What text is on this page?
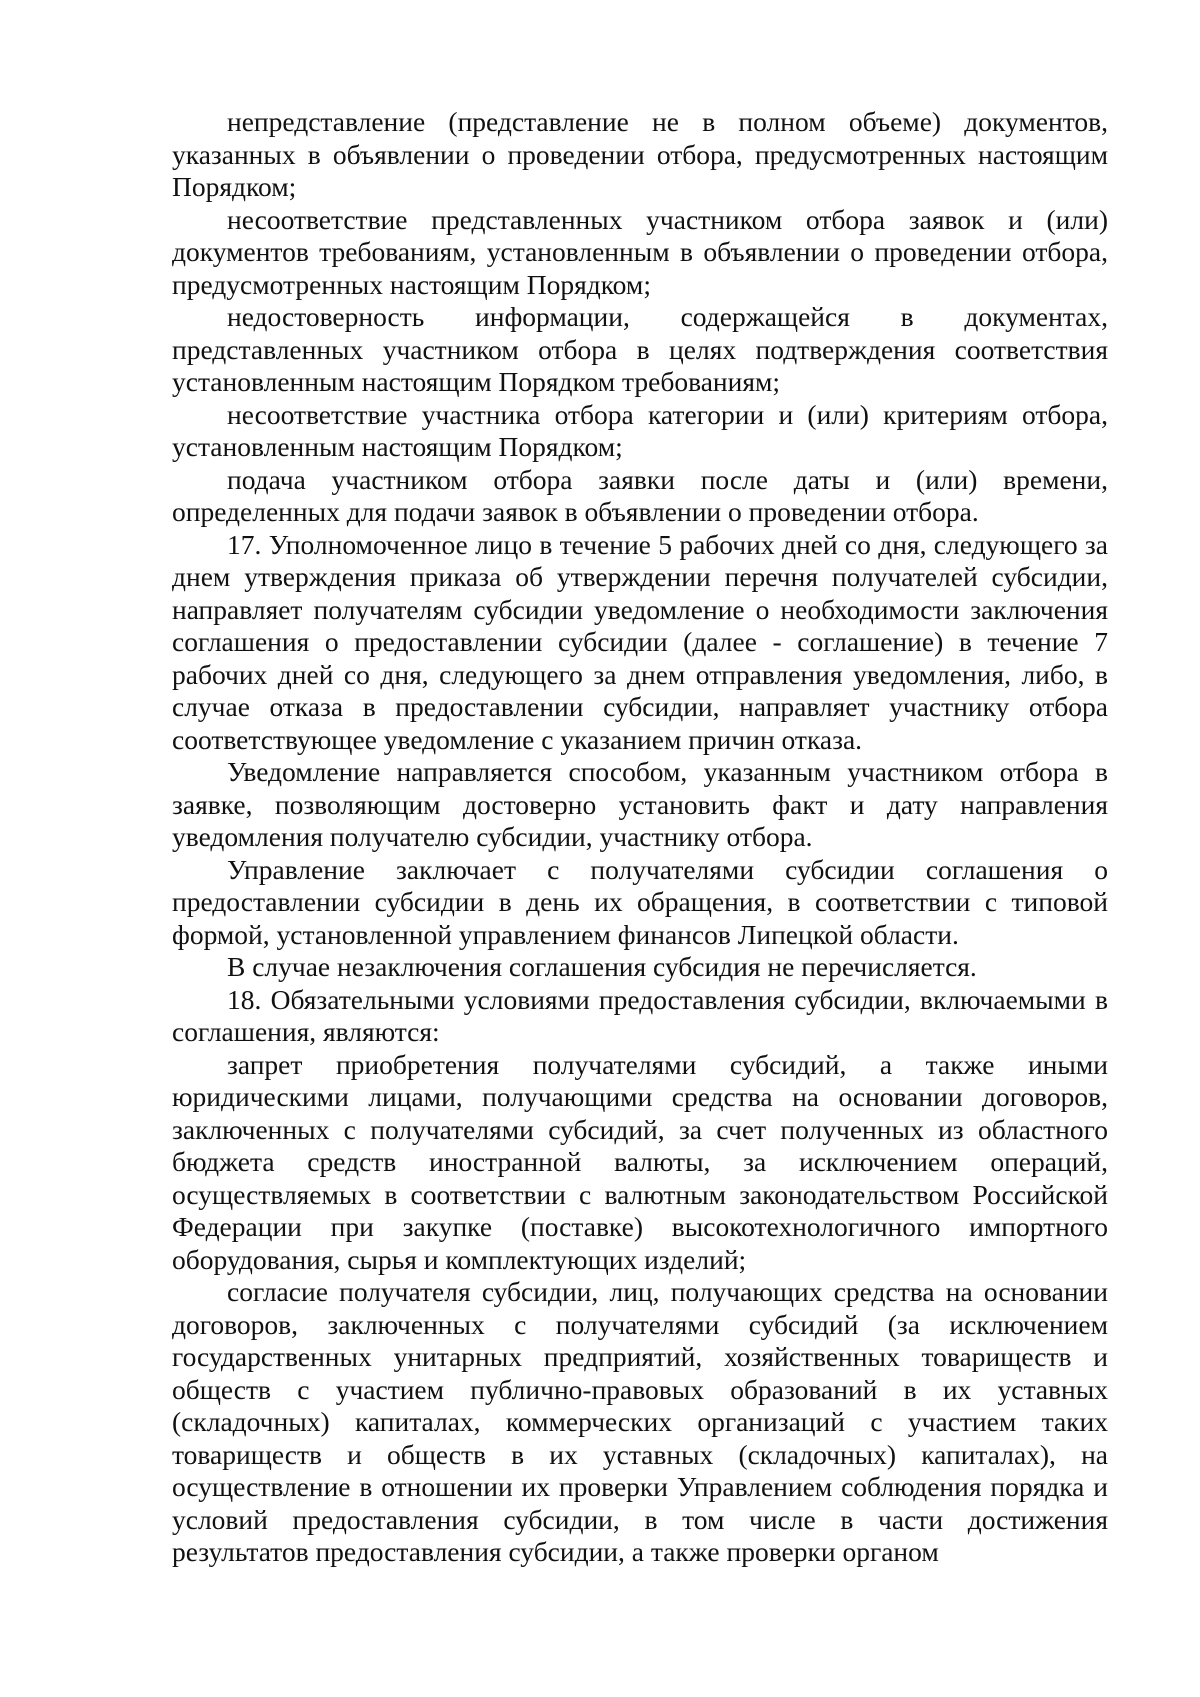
непредставление (представление не в полном объеме) документов, указанных в объявлении о проведении отбора, предусмотренных настоящим Порядком;

несоответствие представленных участником отбора заявок и (или) документов требованиям, установленным в объявлении о проведении отбора, предусмотренных настоящим Порядком;

недостоверность информации, содержащейся в документах, представленных участником отбора в целях подтверждения соответствия установленным настоящим Порядком требованиям;

несоответствие участника отбора категории и (или) критериям отбора, установленным настоящим Порядком;

подача участником отбора заявки после даты и (или) времени, определенных для подачи заявок в объявлении о проведении отбора.

17. Уполномоченное лицо в течение 5 рабочих дней со дня, следующего за днем утверждения приказа об утверждении перечня получателей субсидии, направляет получателям субсидии уведомление о необходимости заключения соглашения о предоставлении субсидии (далее - соглашение) в течение 7 рабочих дней со дня, следующего за днем отправления уведомления, либо, в случае отказа в предоставлении субсидии, направляет участнику отбора соответствующее уведомление с указанием причин отказа.

Уведомление направляется способом, указанным участником отбора в заявке, позволяющим достоверно установить факт и дату направления уведомления получателю субсидии, участнику отбора.

Управление заключает с получателями субсидии соглашения о предоставлении субсидии в день их обращения, в соответствии с типовой формой, установленной управлением финансов Липецкой области.

В случае незаключения соглашения субсидия не перечисляется.

18. Обязательными условиями предоставления субсидии, включаемыми в соглашения, являются:

запрет приобретения получателями субсидий, а также иными юридическими лицами, получающими средства на основании договоров, заключенных с получателями субсидий, за счет полученных из областного бюджета средств иностранной валюты, за исключением операций, осуществляемых в соответствии с валютным законодательством Российской Федерации при закупке (поставке) высокотехнологичного импортного оборудования, сырья и комплектующих изделий;

согласие получателя субсидии, лиц, получающих средства на основании договоров, заключенных с получателями субсидий (за исключением государственных унитарных предприятий, хозяйственных товариществ и обществ с участием публично-правовых образований в их уставных (складочных) капиталах, коммерческих организаций с участием таких товариществ и обществ в их уставных (складочных) капиталах), на осуществление в отношении их проверки Управлением соблюдения порядка и условий предоставления субсидии, в том числе в части достижения результатов предоставления субсидии, а также проверки органом
